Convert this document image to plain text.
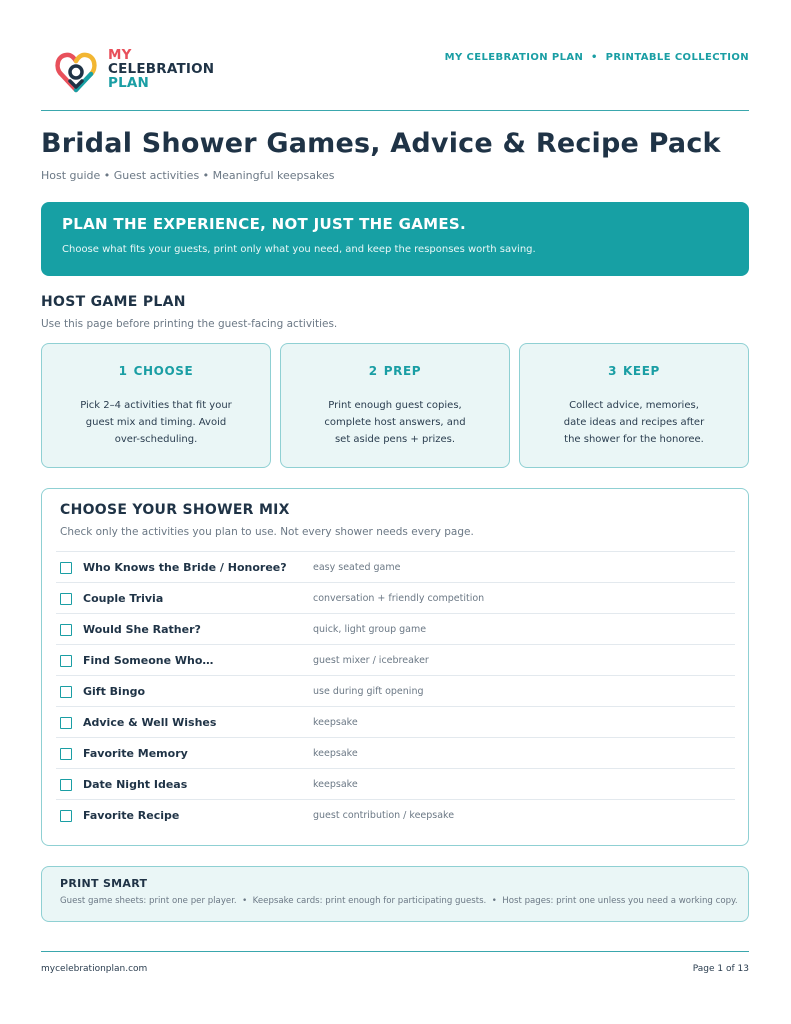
MY
CELEBRATION
PLAN
MY CELEBRATION PLAN  •  PRINTABLE COLLECTION
Bridal Shower Games, Advice & Recipe Pack
Host guide • Guest activities • Meaningful keepsakes
PLAN THE EXPERIENCE, NOT JUST THE GAMES.
Choose what fits your guests, print only what you need, and keep the responses worth saving.
HOST GAME PLAN
Use this page before printing the guest-facing activities.
1 CHOOSE
Pick 2–4 activities that fit your guest mix and timing. Avoid over-scheduling.
2 PREP
Print enough guest copies, complete host answers, and set aside pens + prizes.
3 KEEP
Collect advice, memories, date ideas and recipes after the shower for the honoree.
CHOOSE YOUR SHOWER MIX
Check only the activities you plan to use. Not every shower needs every page.
Who Knows the Bride / Honoree?	easy seated game
Couple Trivia	conversation + friendly competition
Would She Rather?	quick, light group game
Find Someone Who…	guest mixer / icebreaker
Gift Bingo	use during gift opening
Advice & Well Wishes	keepsake
Favorite Memory	keepsake
Date Night Ideas	keepsake
Favorite Recipe	guest contribution / keepsake
PRINT SMART
Guest game sheets: print one per player.  •  Keepsake cards: print enough for participating guests.  •  Host pages: print one unless you need a working copy.
mycelebrationplan.com	Page 1 of 13
